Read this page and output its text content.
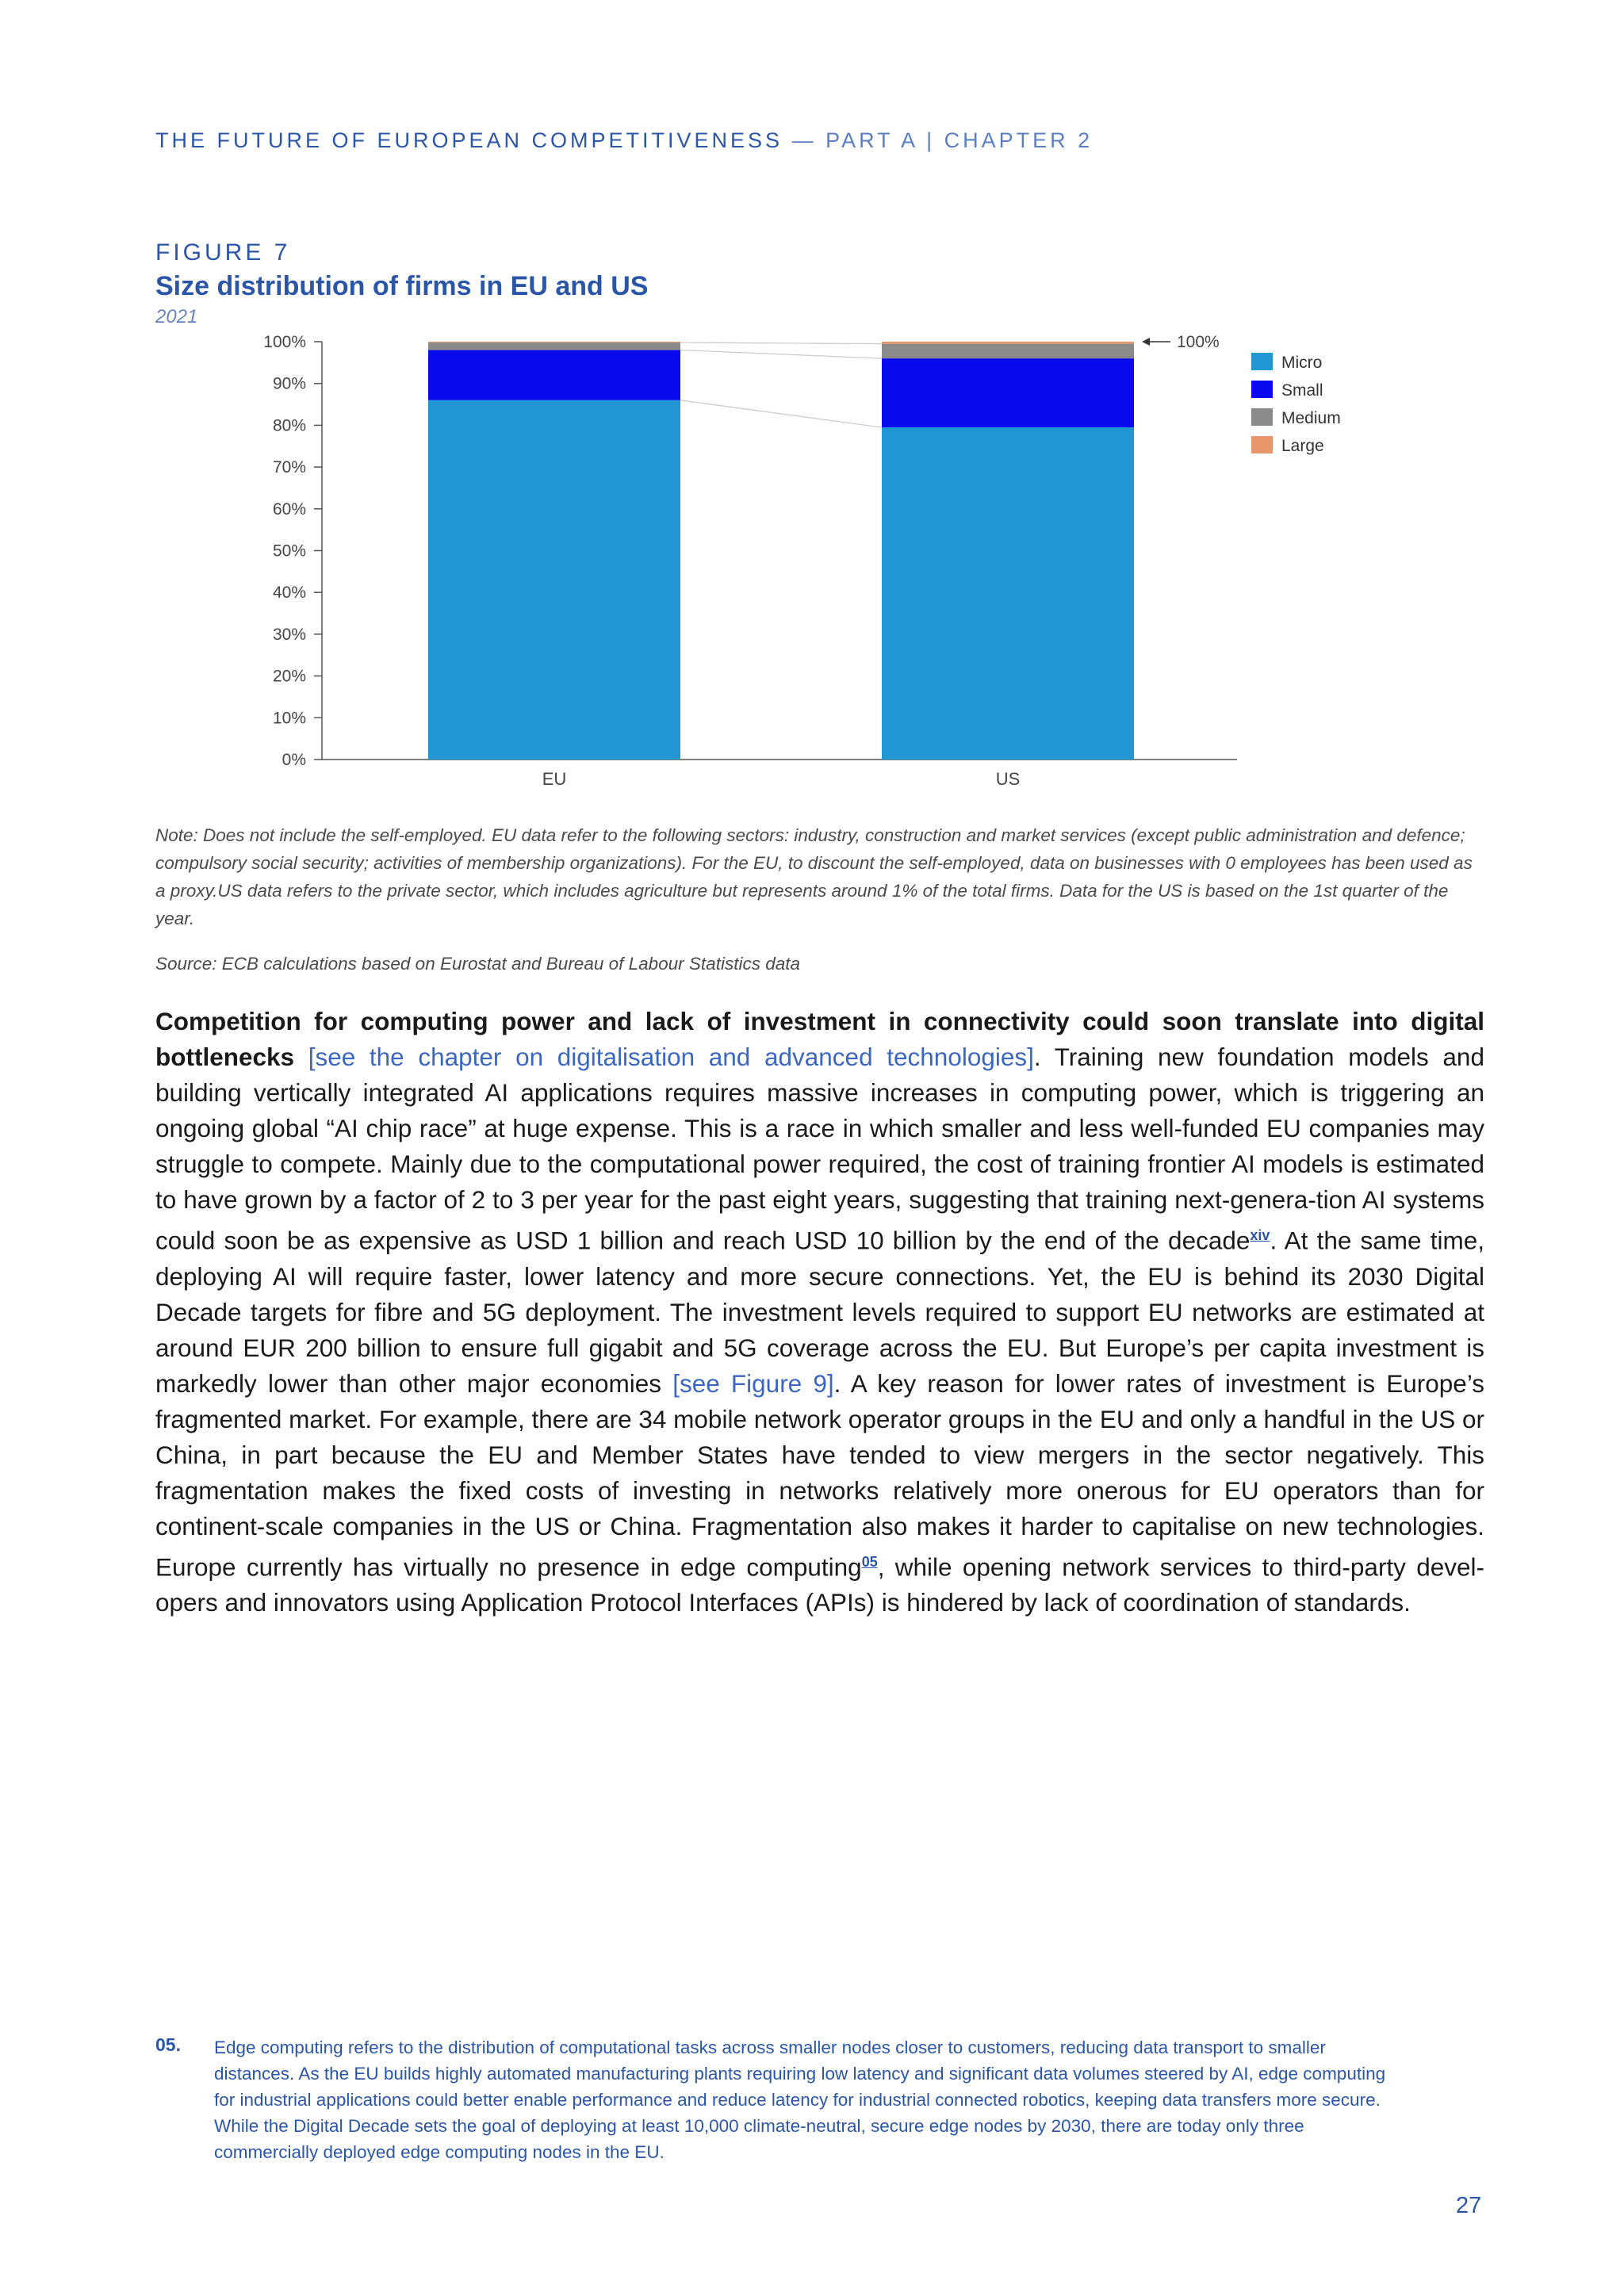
THE FUTURE OF EUROPEAN COMPETITIVENESS — PART A | CHAPTER 2
FIGURE 7
Size distribution of firms in EU and US
2021
0%
10%
20%
30%
40%
50%
60%
70%
80%
90%
100%
EU	US
100%
Micro
Small
Medium
Large
Note: Does not include the self-employed. EU data refer to the following sectors: industry, construction and market services (except public administration and defence; compulsory social security; activities of membership organizations). For the EU, to discount the self-employed, data on businesses with 0 employees has been used as a proxy.US data refers to the private sector, which includes agriculture but represents around 1% of the total firms. Data for the US is based on the 1st quarter of the year.
Source: ECB calculations based on Eurostat and Bureau of Labour Statistics data
Competition for computing power and lack of investment in connectivity could soon translate into digital bottlenecks [see the chapter on digitalisation and advanced technologies]. Training new foundation models and building vertically integrated AI applications requires massive increases in computing power, which is triggering an ongoing global “AI chip race” at huge expense. This is a race in which smaller and less well-funded EU companies may struggle to compete. Mainly due to the computational power required, the cost of training frontier AI models is estimated to have grown by a factor of 2 to 3 per year for the past eight years, suggesting that training next-genera-tion AI systems could soon be as expensive as USD 1 billion and reach USD 10 billion by the end of the decade$^{xiv}$. At the same time, deploying AI will require faster, lower latency and more secure connections. Yet, the EU is behind its 2030 Digital Decade targets for fibre and 5G deployment. The investment levels required to support EU networks are estimated at around EUR 200 billion to ensure full gigabit and 5G coverage across the EU. But Europe’s per capita investment is markedly lower than other major economies [see Figure 9]. A key reason for lower rates of investment is Europe’s fragmented market. For example, there are 34 mobile network operator groups in the EU and only a handful in the US or China, in part because the EU and Member States have tended to view mergers in the sector negatively. This fragmentation makes the fixed costs of investing in networks relatively more onerous for EU operators than for continent-scale companies in the US or China. Fragmentation also makes it harder to capitalise on new technologies. Europe currently has virtually no presence in edge computing$^{05}$, while opening network services to third-party devel-opers and innovators using Application Protocol Interfaces (APIs) is hindered by lack of coordination of standards.
05. Edge computing refers to the distribution of computational tasks across smaller nodes closer to customers, reducing data transport to smaller distances. As the EU builds highly automated manufacturing plants requiring low latency and significant data volumes steered by AI, edge computing for industrial applications could better enable performance and reduce latency for industrial connected robotics, keeping data transfers more secure. While the Digital Decade sets the goal of deploying at least 10,000 climate-neutral, secure edge nodes by 2030, there are today only three commercially deployed edge computing nodes in the EU.
27
